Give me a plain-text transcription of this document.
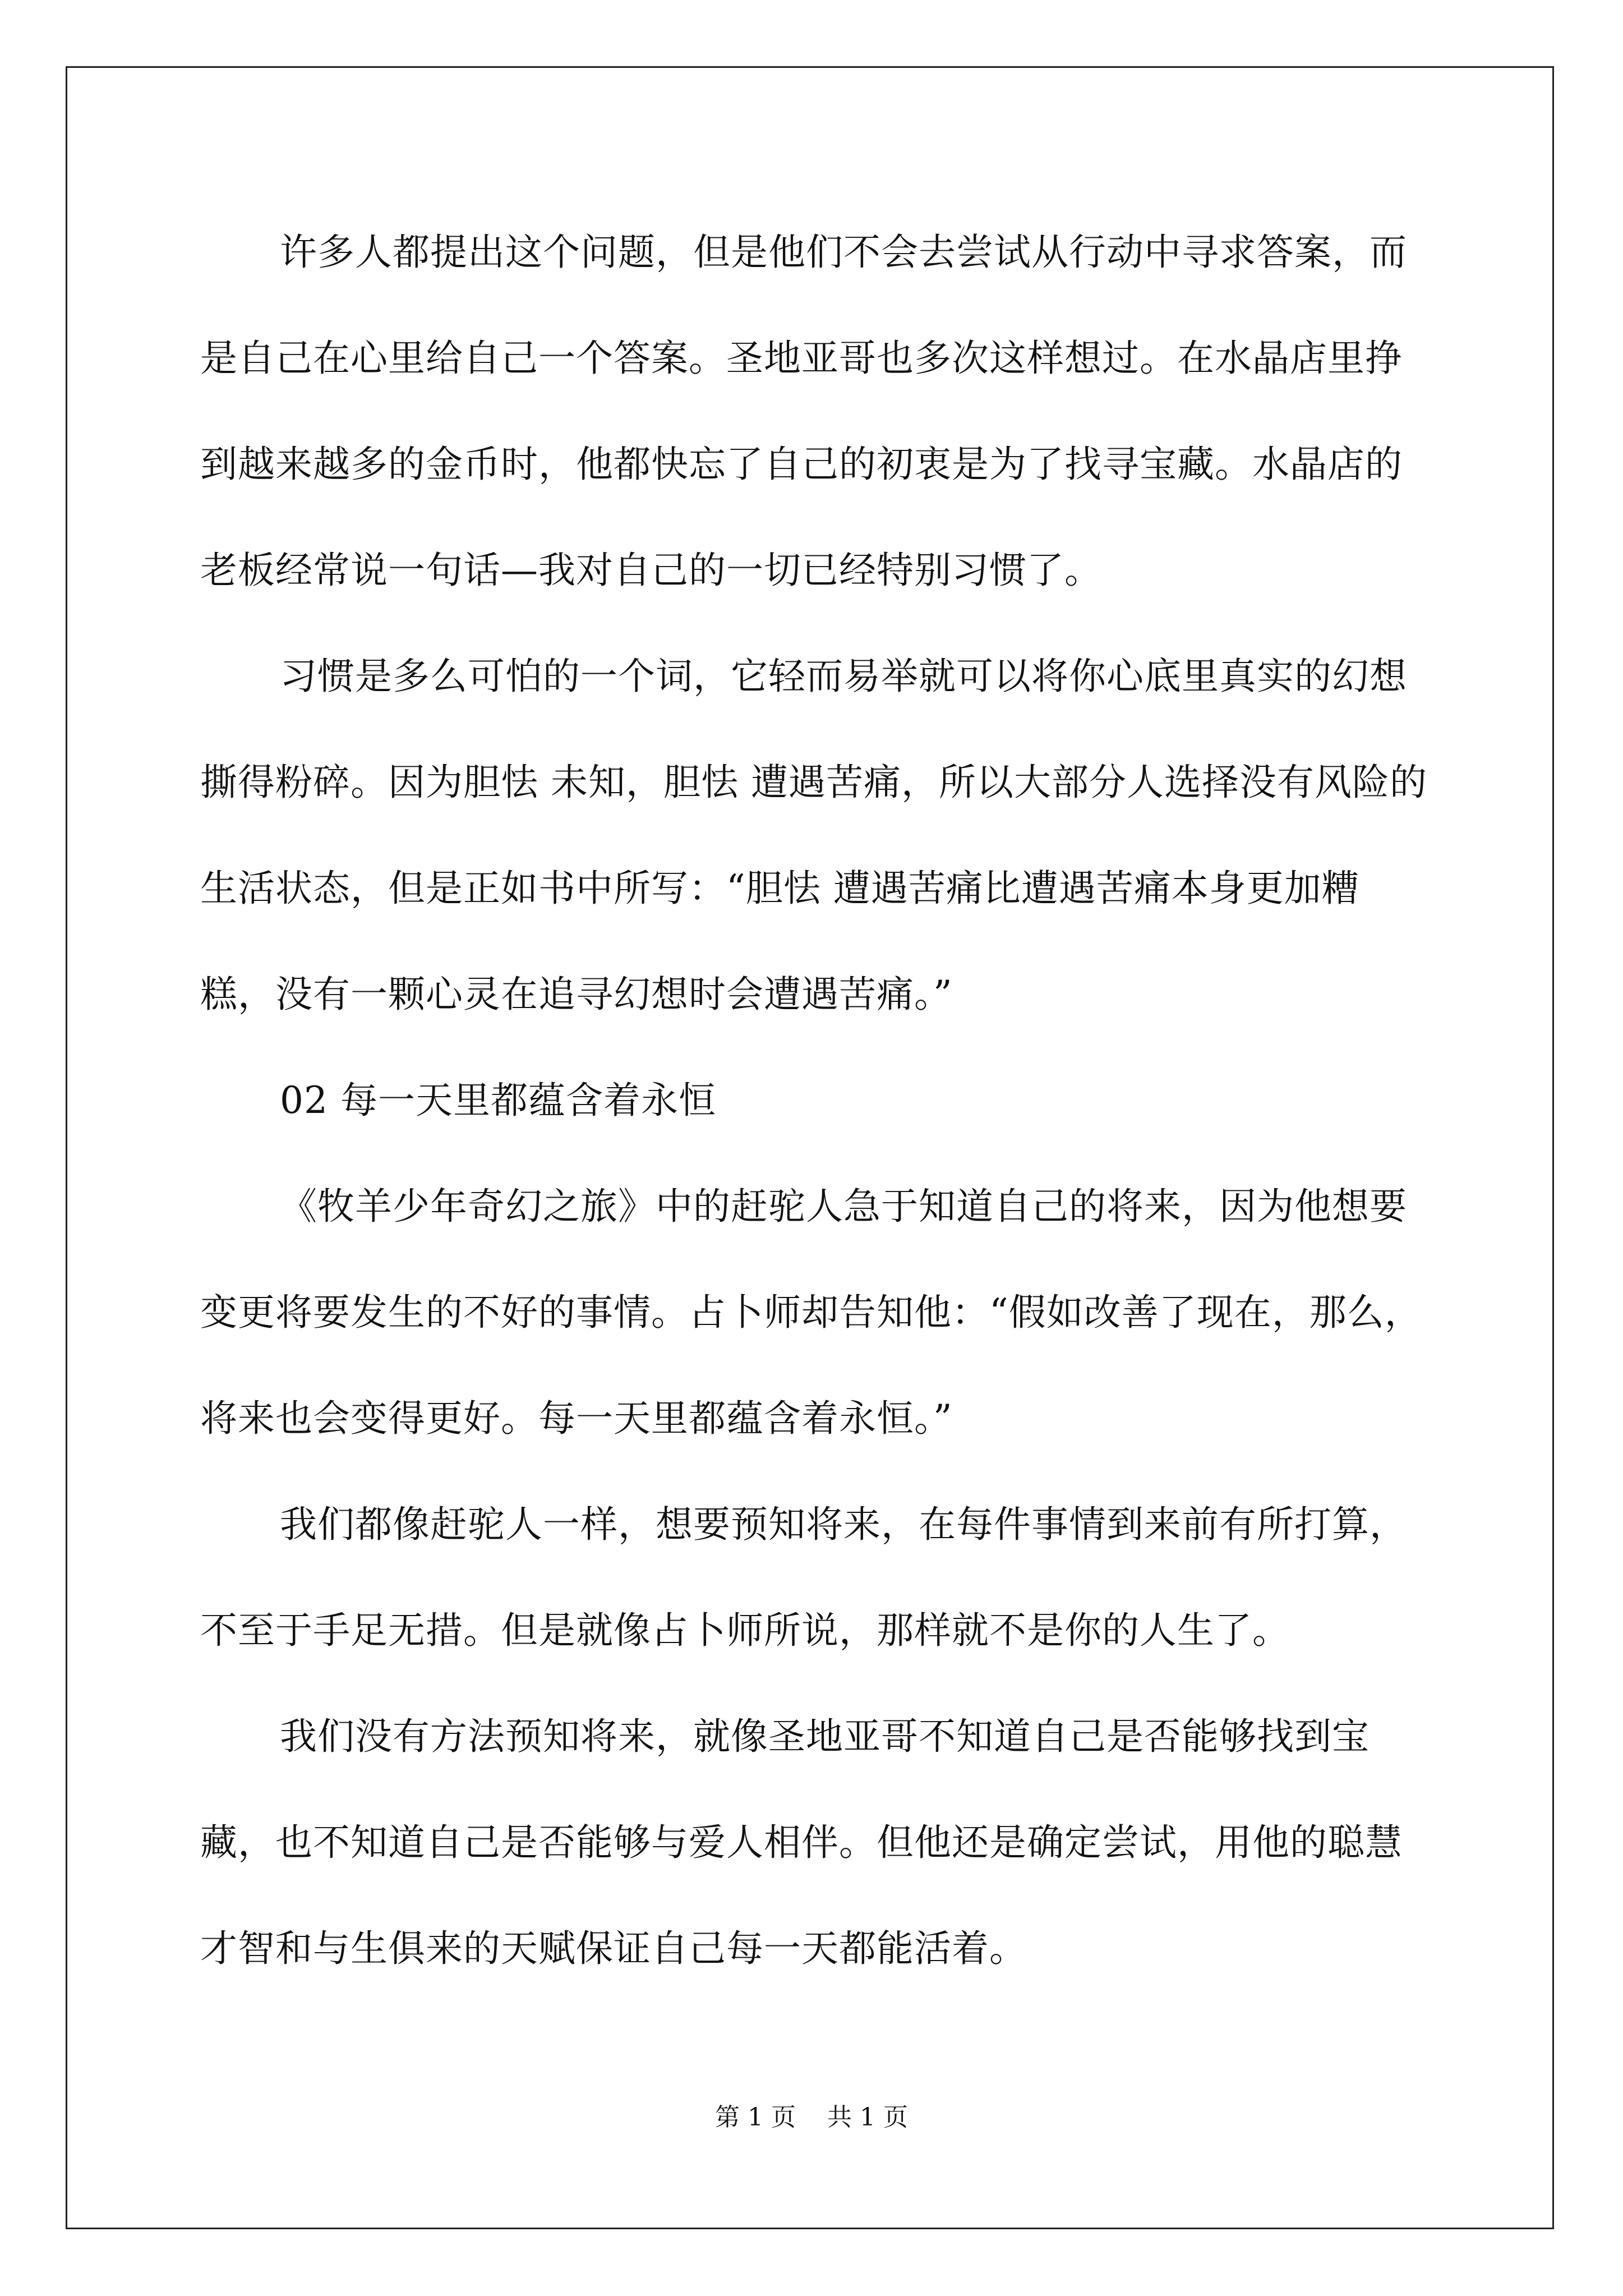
许多人都提出这个问题，但是他们不会去尝试从行动中寻求答案，而是自己在心里给自己一个答案。圣地亚哥也多次这样想过。在水晶店里挣到越来越多的金币时，他都快忘了自己的初衷是为了找寻宝藏。水晶店的老板经常说一句话—我对自己的一切已经特别习惯了。

习惯是多么可怕的一个词，它轻而易举就可以将你心底里真实的幻想撕得粉碎。因为胆怯 未知，胆怯 遭遇苦痛，所以大部分人选择没有风险的生活状态，但是正如书中所写：“胆怯 遭遇苦痛比遭遇苦痛本身更加糟糕，没有一颗心灵在追寻幻想时会遭遇苦痛。”

02 每一天里都蕴含着永恒

《牧羊少年奇幻之旅》中的赶驼人急于知道自己的将来，因为他想要变更将要发生的不好的事情。占卜师却告知他：“假如改善了现在，那么，将来也会变得更好。每一天里都蕴含着永恒。”

我们都像赶驼人一样，想要预知将来，在每件事情到来前有所打算，不至于手足无措。但是就像占卜师所说，那样就不是你的人生了。

我们没有方法预知将来，就像圣地亚哥不知道自己是否能够找到宝藏，也不知道自己是否能够与爱人相伴。但他还是确定尝试，用他的聪慧才智和与生俱来的天赋保证自己每一天都能活着。

第 1 页 共 1 页
